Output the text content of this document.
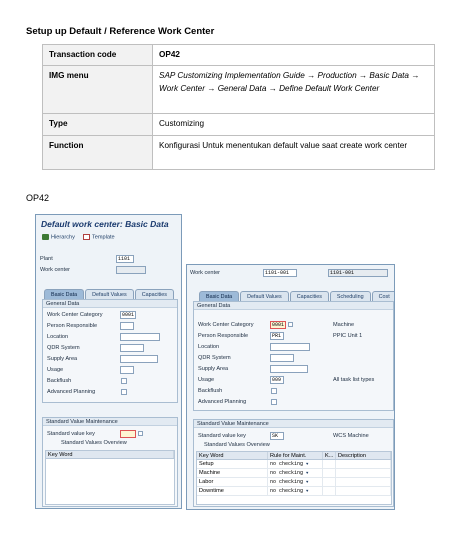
Setup up Default / Reference Work Center
Transaction code	OP42
IMG menu	SAP Customizing Implementation Guide → Production → Basic Data → Work Center → General Data → Define Default Work Center
Type	Customizing
Function	Konfigurasi Untuk menentukan default value saat create work center
OP42
Default work center: Basic Data
Hierarchy	Template
Plant	1101
Work center
Basic Data	Default Values	Capacities
General Data
Work Center Category	0001
Person Responsible
Location
QDR System
Supply Area
Usage
Backflush
Advanced Planning
Standard Value Maintenance
Standard value key
Standard Values Overview
Key Word
Work center	1101-001	1101-001
Basic Data	Default Values	Capacities	Scheduling	Cost
General Data
Work Center Category	0001	Machine
Person Responsible	PR1	PPIC Unit 1
Location
QDR System
Supply Area
Usage	009	All task list types
Backflush
Advanced Planning
Standard Value Maintenance
Standard value key	SK	WCS Machine
Standard Values Overview
Key Word	Rule for Maint.	K... Description
Setup	no checking ▼
Machine	no checking ▼
Labor	no checking ▼
Downtime	no checking ▼
